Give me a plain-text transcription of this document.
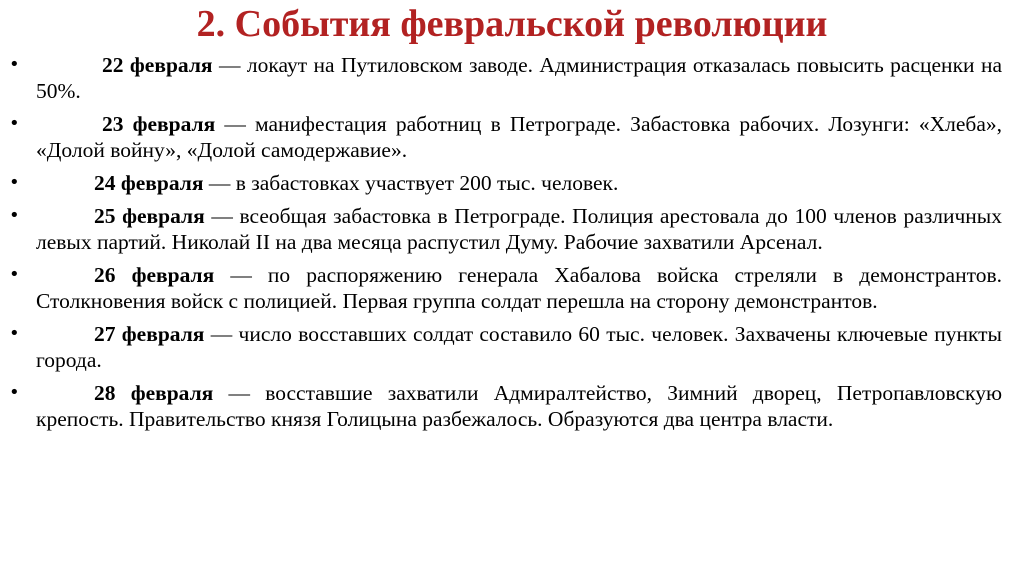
2. События февральской революции
•	22 февраля — локаут на Путиловском заводе. Администрация отказалась повысить расценки на 50%.
•	23 февраля — манифестация работниц в Петрограде. Забастовка рабочих. Лозунги: «Хлеба», «Долой войну», «Долой самодержавие».
•	24 февраля — в забастовках участвует 200 тыс. человек.
•	25 февраля — всеобщая забастовка в Петрограде. Полиция арестовала до 100 членов различных левых партий. Николай II на два месяца распустил Думу. Рабочие захватили Арсенал.
•	26 февраля — по распоряжению генерала Хабалова войска стреляли в демонстрантов. Столкновения войск с полицией. Первая группа солдат перешла на сторону демонстрантов.
•	27 февраля — число восставших солдат составило 60 тыс. человек. Захвачены ключевые пункты города.
•	28 февраля — восставшие захватили Адмиралтейство, Зимний дворец, Петропавловскую крепость. Правительство князя Голицына разбежалось. Образуются два центра власти.
